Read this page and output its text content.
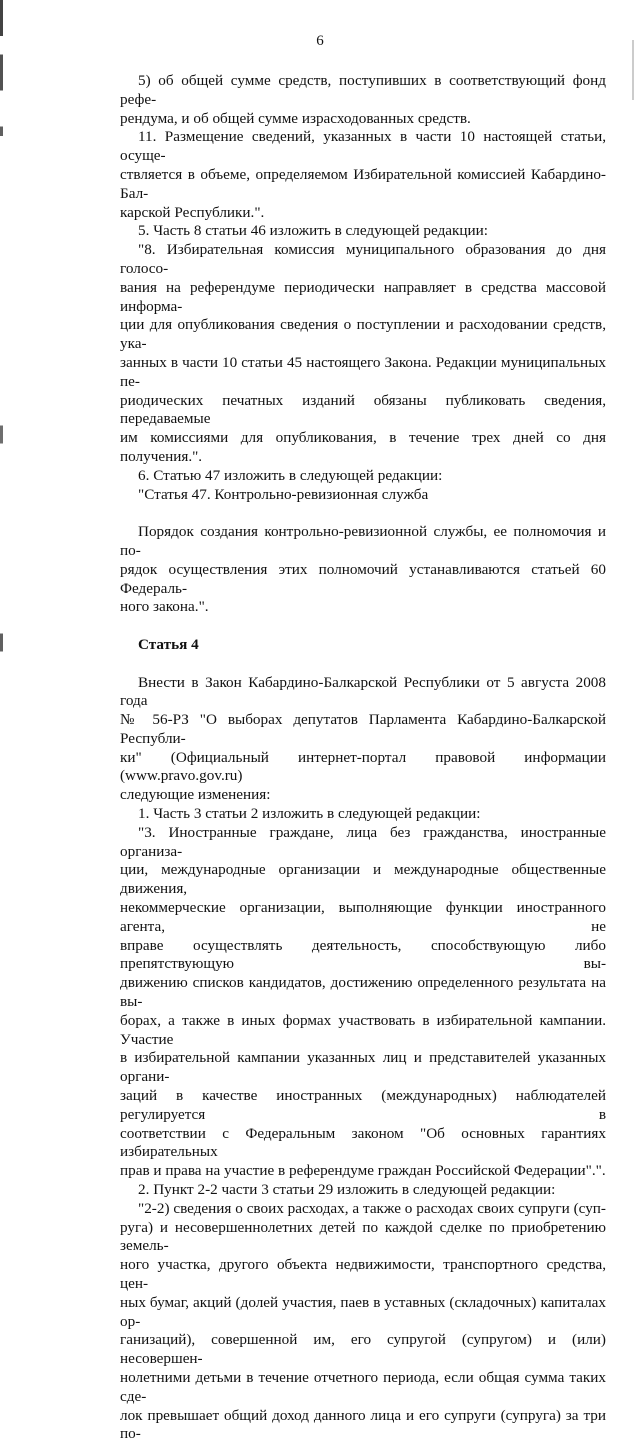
6

5) об общей сумме средств, поступивших в соответствующий фонд рефе-

рендума, и об общей сумме израсходованных средств.

11. Размещение сведений, указанных в части 10 настоящей статьи, осуще-

ствляется в объеме, определяемом Избирательной комиссией Кабардино-Бал-

карской Республики.".

5. Часть 8 статьи 46 изложить в следующей редакции:

"8. Избирательная комиссия муниципального образования до дня голосо-

вания на референдуме периодически направляет в средства массовой информа-

ции для опубликования сведения о поступлении и расходовании средств, ука-

занных в части 10 статьи 45 настоящего Закона. Редакции муниципальных пе-

риодических печатных изданий обязаны публиковать сведения, передаваемые

им комиссиями для опубликования, в течение трех дней со дня получения.".

6. Статью 47 изложить в следующей редакции:

"Статья 47. Контрольно-ревизионная служба

Порядок создания контрольно-ревизионной службы, ее полномочия и по-

рядок осуществления этих полномочий устанавливаются статьей 60 Федераль-

ного закона.".

Статья 4

Внести в Закон Кабардино-Балкарской Республики от 5 августа 2008 года

№ 56-РЗ "О выборах депутатов Парламента Кабардино-Балкарской Республи-

ки" (Официальный интернет-портал правовой информации (www.pravo.gov.ru)

следующие изменения:

1. Часть 3 статьи 2 изложить в следующей редакции:

"3. Иностранные граждане, лица без гражданства, иностранные организа-

ции, международные организации и международные общественные движения,

некоммерческие организации, выполняющие функции иностранного агента, не

вправе осуществлять деятельность, способствующую либо препятствующую вы-

движению списков кандидатов, достижению определенного результата на вы-

борах, а также в иных формах участвовать в избирательной кампании. Участие

в избирательной кампании указанных лиц и представителей указанных органи-

заций в качестве иностранных (международных) наблюдателей регулируется в

соответствии с Федеральным законом "Об основных гарантиях избирательных

прав и права на участие в референдуме граждан Российской Федерации".".

2. Пункт 2-2 части 3 статьи 29 изложить в следующей редакции:

"2-2) сведения о своих расходах, а также о расходах своих супруги (суп-

руга) и несовершеннолетних детей по каждой сделке по приобретению земель-

ного участка, другого объекта недвижимости, транспортного средства, цен-

ных бумаг, акций (долей участия, паев в уставных (складочных) капиталах ор-

ганизаций), совершенной им, его супругой (супругом) и (или) несовершен-

нолетними детьми в течение отчетного периода, если общая сумма таких сде-

лок превышает общий доход данного лица и его супруги (супруга) за три по-
